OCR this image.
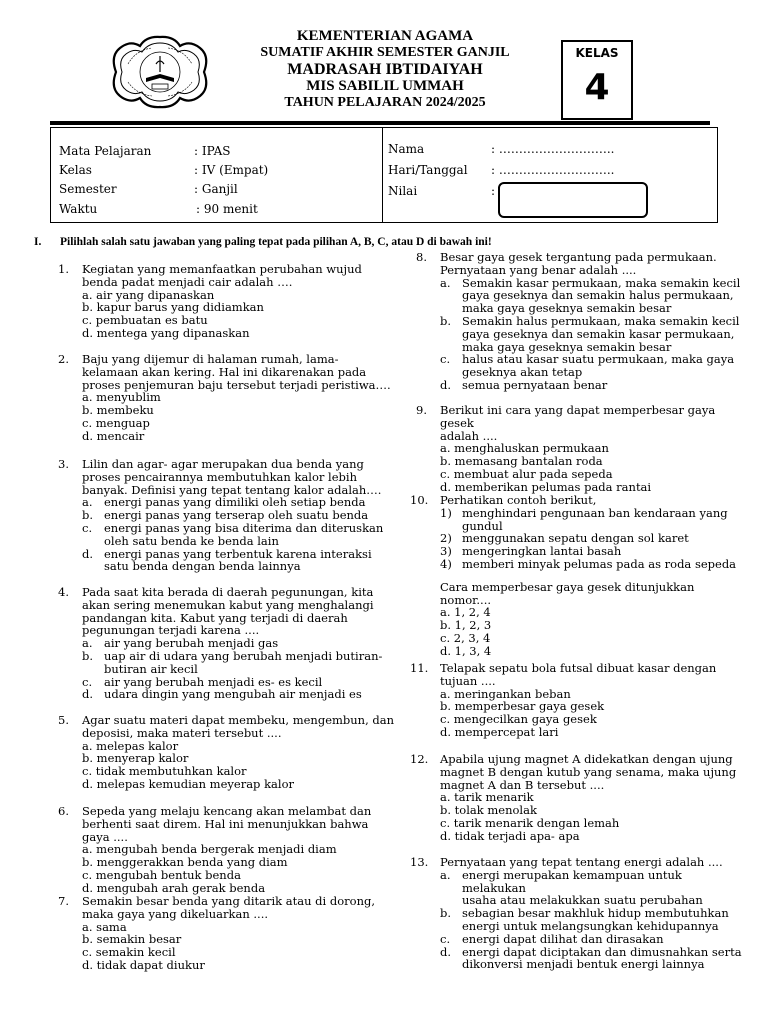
KEMENTERIAN AGAMA
SUMATIF AKHIR SEMESTER GANJIL
MADRASAH IBTIDAIYAH
MIS SABILIL UMMAH
TAHUN PELAJARAN 2024/2025
KELAS
4
Mata Pelajaran	: IPAS
Kelas	: IV (Empat)
Semester	: Ganjil
Waktu	: 90 menit
Nama	: ………………………..
Hari/Tanggal : ………………………..
Nilai	:
I. Pilihlah salah satu jawaban yang paling tepat pada pilihan A, B, C, atau D di bawah ini!
1. Kegiatan yang memanfaatkan perubahan wujud
benda padat menjadi cair adalah ….
a. air yang dipanaskan
b. kapur barus yang didiamkan
c. pembuatan es batu
d. mentega yang dipanaskan
2. Baju yang dijemur di halaman rumah, lama-
kelamaan akan kering. Hal ini dikarenakan pada
proses penjemuran baju tersebut terjadi peristiwa….
a. menyublim
b. membeku
c. menguap
d. mencair
3. Lilin dan agar- agar merupakan dua benda yang
proses pencairannya membutuhkan kalor lebih
banyak. Definisi yang tepat tentang kalor adalah….
a. energi panas yang dimiliki oleh setiap benda
b. energi panas yang terserap oleh suatu benda
c. energi panas yang bisa diterima dan diteruskan
oleh satu benda ke benda lain
d. energi panas yang terbentuk karena interaksi
satu benda dengan benda lainnya
4. Pada saat kita berada di daerah pegunungan, kita
akan sering menemukan kabut yang menghalangi
pandangan kita. Kabut yang terjadi di daerah
pegunungan terjadi karena ....
a. air yang berubah menjadi gas
b. uap air di udara yang berubah menjadi butiran-
butiran air kecil
c. air yang berubah menjadi es- es kecil
d. udara dingin yang mengubah air menjadi es
5. Agar suatu materi dapat membeku, mengembun, dan
deposisi, maka materi tersebut ....
a. melepas kalor
b. menyerap kalor
c. tidak membutuhkan kalor
d. melepas kemudian meyerap kalor
6. Sepeda yang melaju kencang akan melambat dan
berhenti saat direm. Hal ini menunjukkan bahwa
gaya ....
a. mengubah benda bergerak menjadi diam
b. menggerakkan benda yang diam
c. mengubah bentuk benda
d. mengubah arah gerak benda
7. Semakin besar benda yang ditarik atau di dorong,
maka gaya yang dikeluarkan ....
a. sama
b. semakin besar
c. semakin kecil
d. tidak dapat diukur
8. Besar gaya gesek tergantung pada permukaan.
Pernyataan yang benar adalah ....
a. Semakin kasar permukaan, maka semakin kecil
gaya geseknya dan semakin halus permukaan,
maka gaya geseknya semakin besar
b. Semakin halus permukaan, maka semakin kecil
gaya geseknya dan semakin kasar permukaan,
maka gaya geseknya semakin besar
c. halus atau kasar suatu permukaan, maka gaya
geseknya akan tetap
d. semua pernyataan benar
9. Berikut ini cara yang dapat memperbesar gaya gesek
adalah ....
a. menghaluskan permukaan
b. memasang bantalan roda
c. membuat alur pada sepeda
d. memberikan pelumas pada rantai
10. Perhatikan contoh berikut,
1) menghindari pengunaan ban kendaraan yang
gundul
2) menggunakan sepatu dengan sol karet
3) mengeringkan lantai basah
4) memberi minyak pelumas pada as roda sepeda
Cara memperbesar gaya gesek ditunjukkan nomor....
a. 1, 2, 4
b. 1, 2, 3
c. 2, 3, 4
d. 1, 3, 4
11. Telapak sepatu bola futsal dibuat kasar dengan
tujuan ....
a. meringankan beban
b. memperbesar gaya gesek
c. mengecilkan gaya gesek
d. mempercepat lari
12. Apabila ujung magnet A didekatkan dengan ujung
magnet B dengan kutub yang senama, maka ujung
magnet A dan B tersebut ....
a. tarik menarik
b. tolak menolak
c. tarik menarik dengan lemah
d. tidak terjadi apa- apa
13. Pernyataan yang tepat tentang energi adalah ....
a. energi merupakan kemampuan untuk melakukan
usaha atau melakukkan suatu perubahan
b. sebagian besar makhluk hidup membutuhkan
energi untuk melangsungkan kehidupannya
c. energi dapat dilihat dan dirasakan
d. energi dapat diciptakan dan dimusnahkan serta
dikonversi menjadi bentuk energi lainnya
